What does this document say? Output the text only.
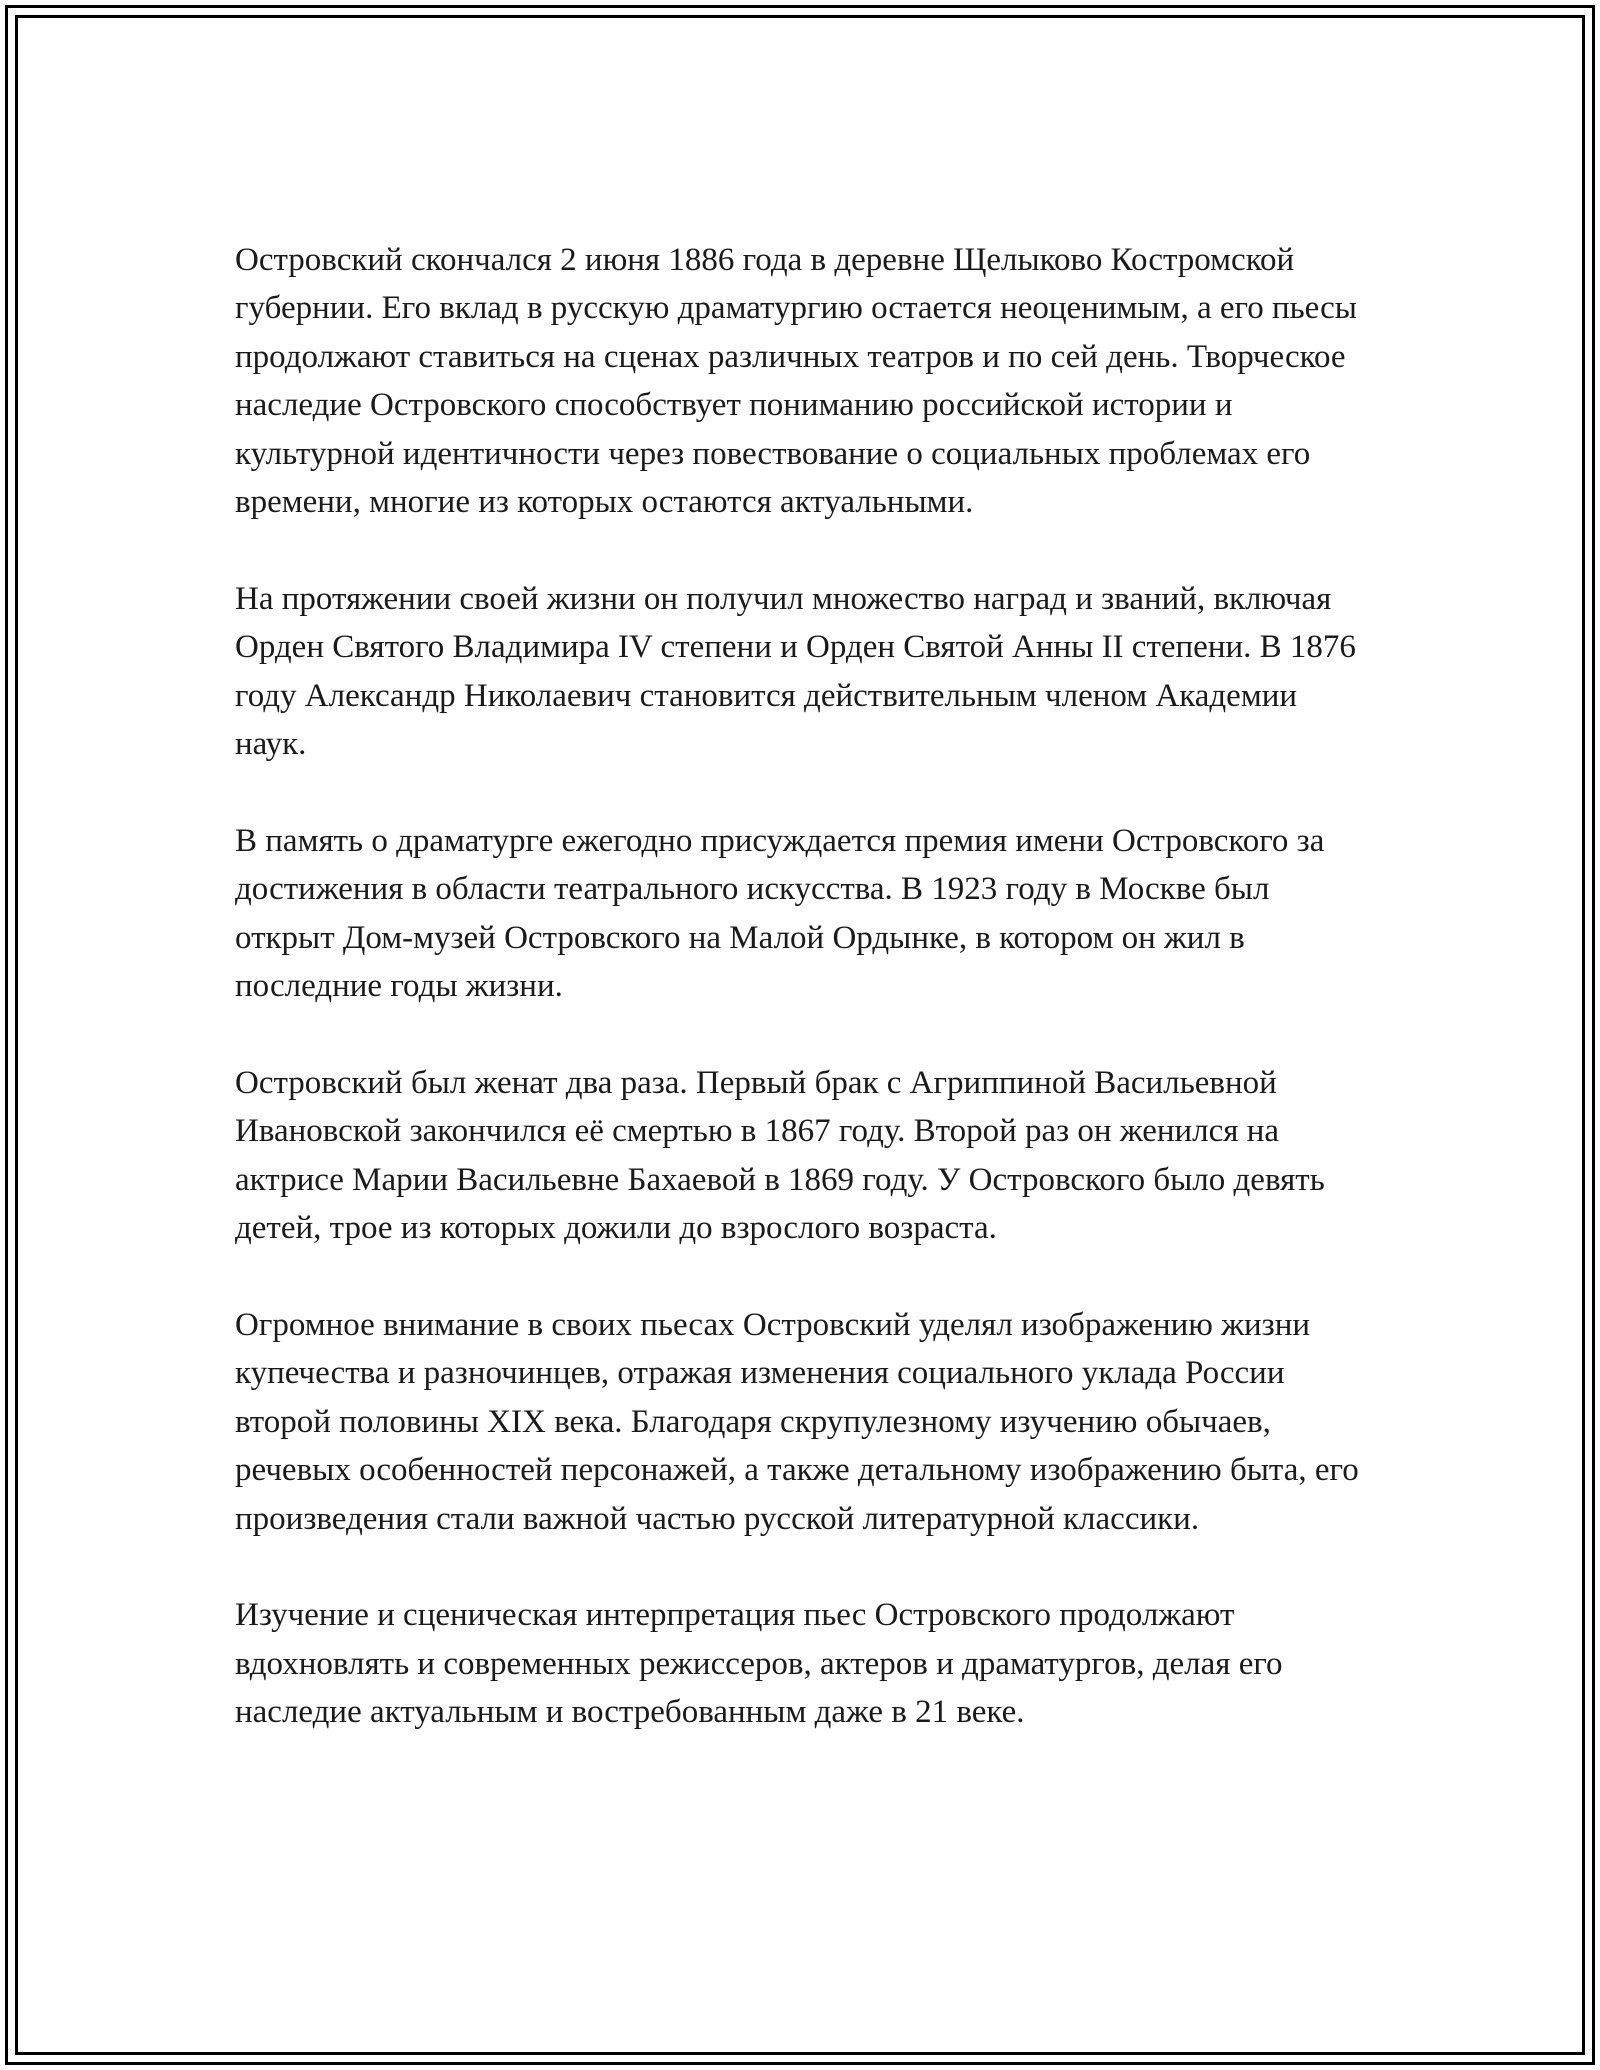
Островский скончался 2 июня 1886 года в деревне Щелыково Костромской губернии. Его вклад в русскую драматургию остается неоценимым, а его пьесы продолжают ставиться на сценах различных театров и по сей день. Творческое наследие Островского способствует пониманию российской истории и культурной идентичности через повествование о социальных проблемах его времени, многие из которых остаются актуальными.

На протяжении своей жизни он получил множество наград и званий, включая Орден Святого Владимира IV степени и Орден Святой Анны II степени. В 1876 году Александр Николаевич становится действительным членом Академии наук.

В память о драматурге ежегодно присуждается премия имени Островского за достижения в области театрального искусства. В 1923 году в Москве был открыт Дом-музей Островского на Малой Ордынке, в котором он жил в последние годы жизни.

Островский был женат два раза. Первый брак с Агриппиной Васильевной Ивановской закончился её смертью в 1867 году. Второй раз он женился на актрисе Марии Васильевне Бахаевой в 1869 году. У Островского было девять детей, трое из которых дожили до взрослого возраста.

Огромное внимание в своих пьесах Островский уделял изображению жизни купечества и разночинцев, отражая изменения социального уклада России второй половины XIX века. Благодаря скрупулезному изучению обычаев, речевых особенностей персонажей, а также детальному изображению быта, его произведения стали важной частью русской литературной классики.

Изучение и сценическая интерпретация пьес Островского продолжают вдохновлять и современных режиссеров, актеров и драматургов, делая его наследие актуальным и востребованным даже в 21 веке.
